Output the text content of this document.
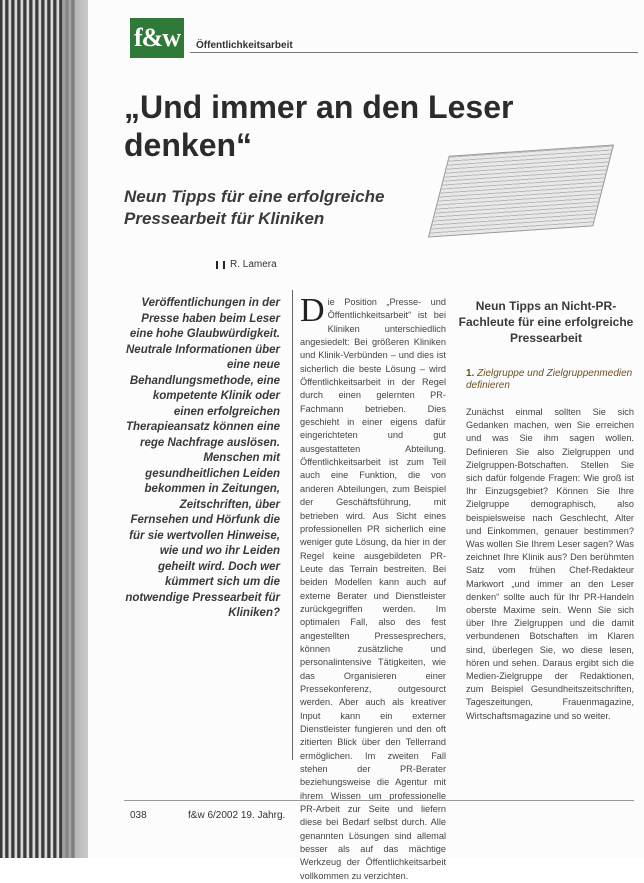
f&w	Öffentlichkeitsarbeit
„Und immer an den Leser denken“
Neun Tipps für eine erfolgreiche Pressearbeit für Kliniken
R. Lamera

Veröffentlichungen in der Presse haben beim Leser eine hohe Glaubwürdigkeit. Neutrale Informationen über eine neue Behandlungsmethode, eine kompetente Klinik oder einen erfolgreichen Therapieansatz können eine rege Nachfrage auslösen. Menschen mit gesundheitlichen Leiden bekommen in Zeitungen, Zeitschriften, über Fernsehen und Hörfunk die für sie wertvollen Hinweise, wie und wo ihr Leiden geheilt wird. Doch wer kümmert sich um die notwendige Pressearbeit für Kliniken?

Die Position „Presse- und Öffentlichkeitsarbeit“ ist bei Kliniken unterschiedlich angesiedelt: Bei größeren Kliniken und Klinik-Verbünden – und dies ist sicherlich die beste Lösung – wird Öffentlichkeitsarbeit in der Regel durch einen gelernten PR-Fachmann betrieben. Dies geschieht in einer eigens dafür eingerichteten und gut ausgestatteten Abteilung. Öffentlichkeitsarbeit ist zum Teil auch eine Funktion, die von anderen Abteilungen, zum Beispiel der Geschäftsführung, mit betrieben wird. Aus Sicht eines professionellen PR sicherlich eine weniger gute Lösung, da hier in der Regel keine ausgebildeten PR-Leute das Terrain bestreiten. Bei beiden Modellen kann auch auf externe Berater und Dienstleister zurückgegriffen werden. Im optimalen Fall, also des fest angestellten Pressesprechers, können zusätzliche und personalintensive Tätigkeiten, wie das Organisieren einer Pressekonferenz, outgesourct werden. Aber auch als kreativer Input kann ein externer Dienstleister fungieren und den oft zitierten Blick über den Tellerrand ermöglichen. Im zweiten Fall stehen der PR-Berater beziehungsweise die Agentur mit ihrem Wissen um professionelle PR-Arbeit zur Seite und liefern diese bei Bedarf selbst durch. Alle genannten Lösungen sind allemal besser als auf das mächtige Werkzeug der Öffentlichkeitsarbeit vollkommen zu verzichten.

Neun Tipps an Nicht-PR-Fachleute für eine erfolgreiche Pressearbeit
1. Zielgruppe und Zielgruppenmedien definieren

Zunächst einmal sollten Sie sich Gedanken machen, wen Sie erreichen und was Sie ihm sagen wollen. Definieren Sie also Zielgruppen und Zielgruppen-Botschaften. Stellen Sie sich dafür folgende Fragen: Wie groß ist Ihr Einzugsgebiet? Können Sie Ihre Zielgruppe demographisch, also beispielsweise nach Geschlecht, Alter und Einkommen, genauer bestimmen? Was wollen Sie Ihrem Leser sagen? Was zeichnet Ihre Klinik aus? Den berühmten Satz vom frühen Chef-Redakteur Markwort „und immer an den Leser denken“ sollte auch für Ihr PR-Handeln oberste Maxime sein. Wenn Sie sich über Ihre Zielgruppen und die damit verbundenen Botschaften im Klaren sind, überlegen Sie, wo diese lesen, hören und sehen. Daraus ergibt sich die Medien-Zielgruppe der Redaktionen, zum Beispiel Gesundheitszeitschriften, Tageszeitungen, Frauenmagazine, Wirtschaftsmagazine und so weiter.

038	f&w 6/2002 19. Jahrg.
